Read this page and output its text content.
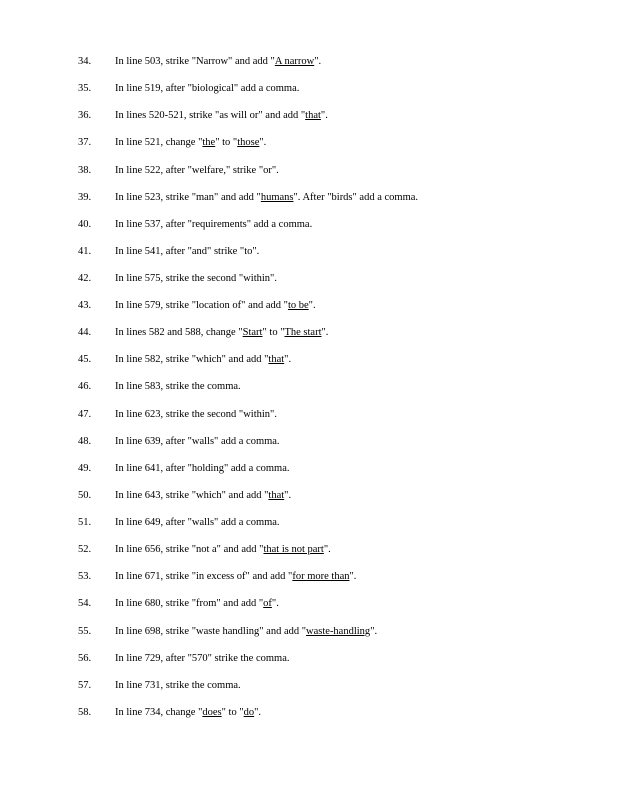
34. In line 503, strike "Narrow" and add "A narrow".
35. In line 519, after "biological" add a comma.
36. In lines 520-521, strike "as will or" and add "that".
37. In line 521, change "the" to "those".
38. In line 522, after "welfare," strike "or".
39. In line 523, strike "man" and add "humans". After "birds" add a comma.
40. In line 537, after "requirements" add a comma.
41. In line 541, after "and" strike "to".
42. In line 575, strike the second "within".
43. In line 579, strike "location of" and add "to be".
44. In lines 582 and 588, change "Start" to "The start".
45. In line 582, strike "which" and add "that".
46. In line 583, strike the comma.
47. In line 623, strike the second "within".
48. In line 639, after "walls" add a comma.
49. In line 641, after "holding" add a comma.
50. In line 643, strike "which" and add "that".
51. In line 649, after "walls" add a comma.
52. In line 656, strike "not a" and add "that is not part".
53. In line 671, strike "in excess of" and add "for more than".
54. In line 680, strike "from" and add "of".
55. In line 698, strike "waste handling" and add "waste-handling".
56. In line 729, after "570" strike the comma.
57. In line 731, strike the comma.
58. In line 734, change "does" to "do".
